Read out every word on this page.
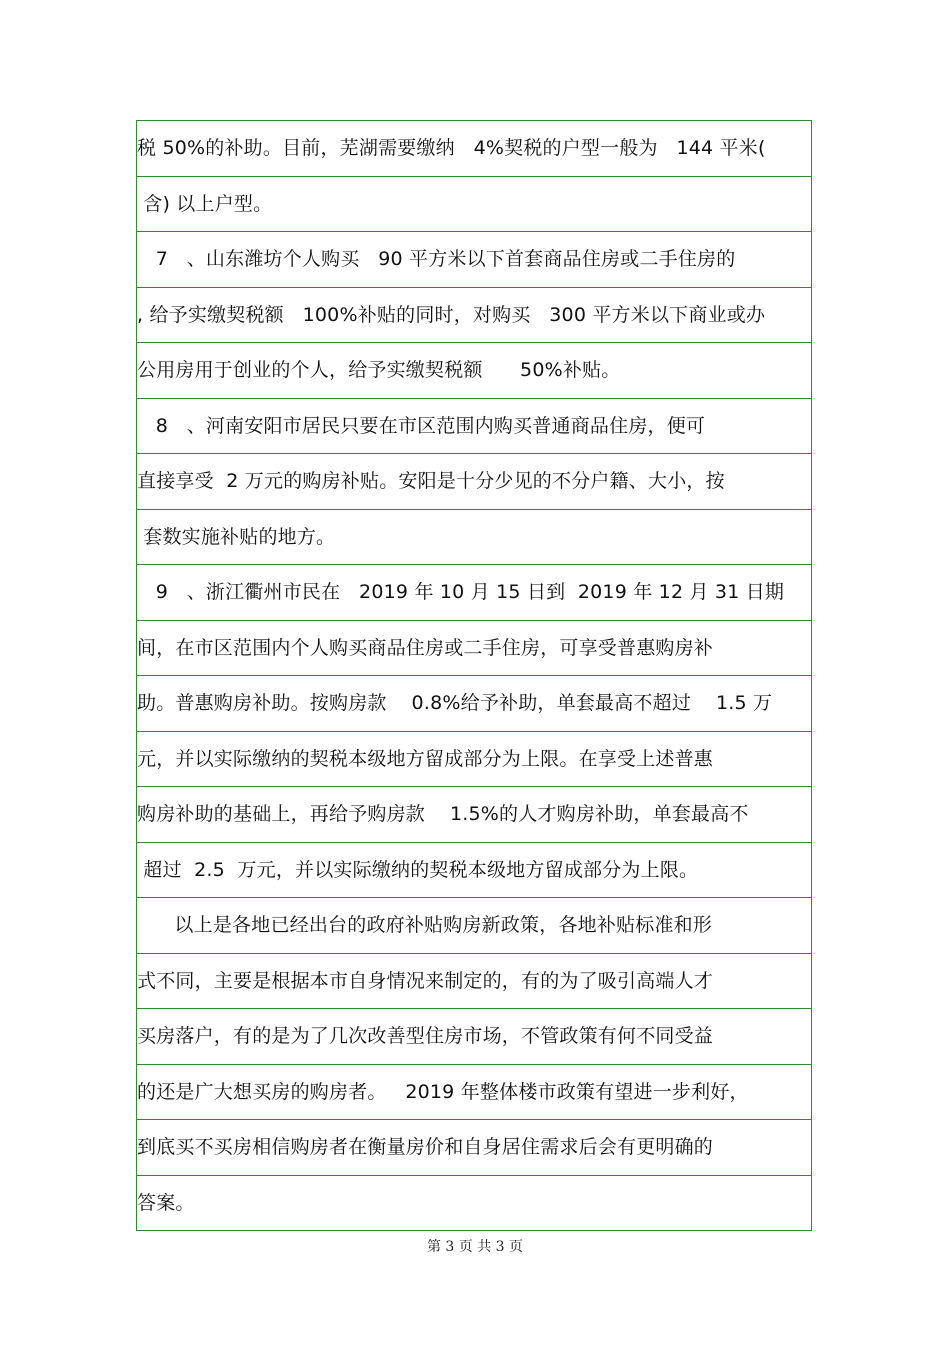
税 50%的补助。目前，芜湖需要缴纳   4%契税的户型一般为   144 平米(
含) 以上户型。
7   、山东潍坊个人购买   90 平方米以下首套商品住房或二手住房的
, 给予实缴契税额   100%补贴的同时，对购买   300 平方米以下商业或办
公用房用于创业的个人，给予实缴契税额      50%补贴。
8   、河南安阳市居民只要在市区范围内购买普通商品住房，便可
直接享受  2 万元的购房补贴。安阳是十分少见的不分户籍、大小，按
套数实施补贴的地方。
9   、浙江衢州市民在   2019 年 10 月 15 日到  2019 年 12 月 31 日期
间，在市区范围内个人购买商品住房或二手住房，可享受普惠购房补
助。普惠购房补助。按购房款    0.8%给予补助，单套最高不超过    1.5 万
元，并以实际缴纳的契税本级地方留成部分为上限。在享受上述普惠
购房补助的基础上，再给予购房款    1.5%的人才购房补助，单套最高不
超过  2.5  万元，并以实际缴纳的契税本级地方留成部分为上限。
以上是各地已经出台的政府补贴购房新政策，各地补贴标准和形
式不同，主要是根据本市自身情况来制定的，有的为了吸引高端人才
买房落户，有的是为了几次改善型住房市场，不管政策有何不同受益
的还是广大想买房的购房者。   2019 年整体楼市政策有望进一步利好，
到底买不买房相信购房者在衡量房价和自身居住需求后会有更明确的
答案。
第 3 页 共 3 页
